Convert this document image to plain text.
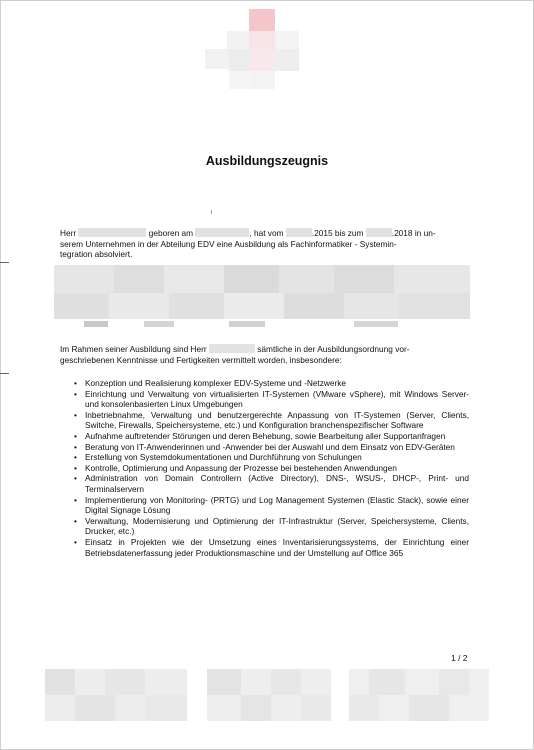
Ausbildungszeugnis
Herr	geboren am	, hat vom	.2015 bis zum	.2018 in un-
serem Unternehmen in der Abteilung EDV eine Ausbildung als Fachinformatiker - Systemin-
tegration absolviert.
Im Rahmen seiner Ausbildung sind Herr	sämtliche in der Ausbildungsordnung vor-
geschriebenen Kenntnisse und Fertigkeiten vermittelt worden, insbesondere:
• Konzeption und Realisierung komplexer EDV-Systeme und -Netzwerke
• Einrichtung und Verwaltung von virtualisierten IT-Systemen (VMware vSphere), mit Windows Server- und konsolenbasierten Linux Umgebungen
• Inbetriebnahme, Verwaltung und benutzergerechte Anpassung von IT-Systemen (Server, Clients, Switche, Firewalls, Speichersysteme, etc.) und Konfiguration branchenspezifischer Software
• Aufnahme auftretender Störungen und deren Behebung, sowie Bearbeitung aller Supportanfragen
• Beratung von IT-Anwenderinnen und -Anwender bei der Auswahl und dem Einsatz von EDV-Geräten
• Erstellung von Systemdokumentationen und Durchführung von Schulungen
• Kontrolle, Optimierung und Anpassung der Prozesse bei bestehenden Anwendungen
• Administration von Domain Controllern (Active Directory), DNS-, WSUS-, DHCP-, Print- und Terminalservern
• Implementierung von Monitoring- (PRTG) und Log Management Systemen (Elastic Stack), sowie einer Digital Signage Lösung
• Verwaltung, Modernisierung und Optimierung der IT-Infrastruktur (Server, Speichersysteme, Clients, Drucker, etc.)
• Einsatz in Projekten wie der Umsetzung eines Inventarisierungssystems, der Einrichtung einer Betriebsdatenerfassung jeder Produktionsmaschine und der Umstellung auf Office 365
1 / 2
